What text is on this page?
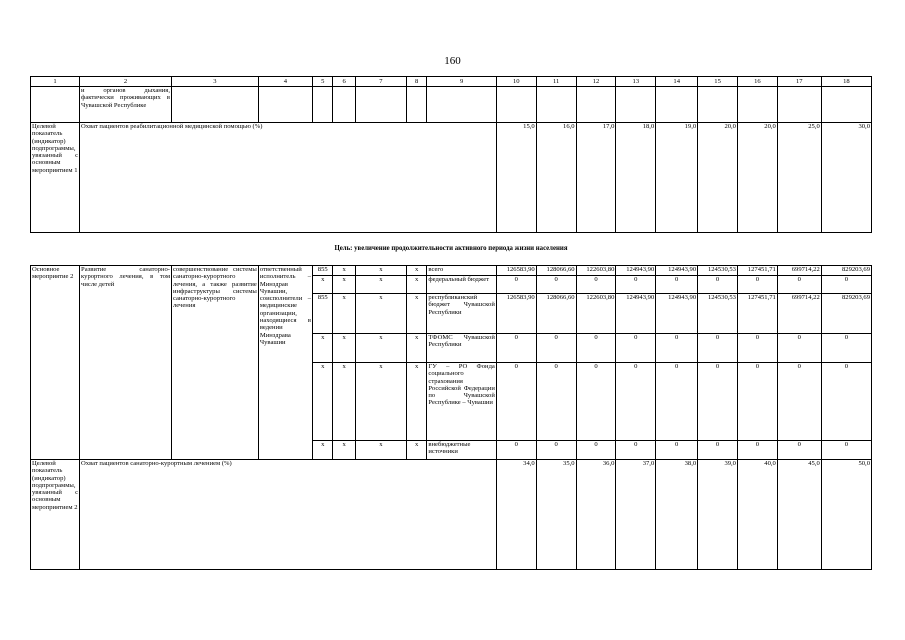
160
1	2	3	4	5	6	7	8	9	10	11	12	13	14	15	16	17	18
	и органов дыхания, фактически проживающих в Чувашской Республике																
Целевой показатель (индикатор) подпрограммы, увязанный с основным мероприятием 1	Охват пациентов реабилитационной медицинской помощью (%)								15,0	16,0	17,0	18,0	19,0	20,0	20,0	25,0	30,0
Цель: увеличение продолжительности активного периода жизни населения																	
Основное мероприятие 2	Развитие санаторно-курортного лечения, в том числе детей	совершенствование системы санаторно-курортного лечения, а также развитие инфраструктуры системы санаторно-курортного лечения	ответственный исполнитель – Минздрав Чувашии, соисполнители – медицинские организации, находящиеся в ведении Минздрава Чувашии	855	х	х	х	всего	126583,90	128066,60	122603,80	124943,90	124943,90	124530,53	127451,71	699714,22	829203,69
				х	х	х	х	федеральный бюджет	0	0	0	0	0	0	0	0	0
				855	х	х	х	республиканский бюджет Чувашской Республики	126583,90	128066,60	122603,80	124943,90	124943,90	124530,53	127451,71	699714,22	829203,69
				х	х	х	х	ТФОМС Чувашской Республики	0	0	0	0	0	0	0	0	0
				х	х	х	х	ГУ – РО Фонда социального страхования Российской Федерации по Чувашской Республике – Чувашии	0	0	0	0	0	0	0	0	0
				х	х	х	х	внебюджетные источники	0	0	0	0	0	0	0	0	0
Целевой показатель (индикатор) подпрограммы, увязанный с основным мероприятием 2	Охват пациентов санаторно-курортным лечением (%)								34,0	35,0	36,0	37,0	38,0	39,0	40,0	45,0	50,0
